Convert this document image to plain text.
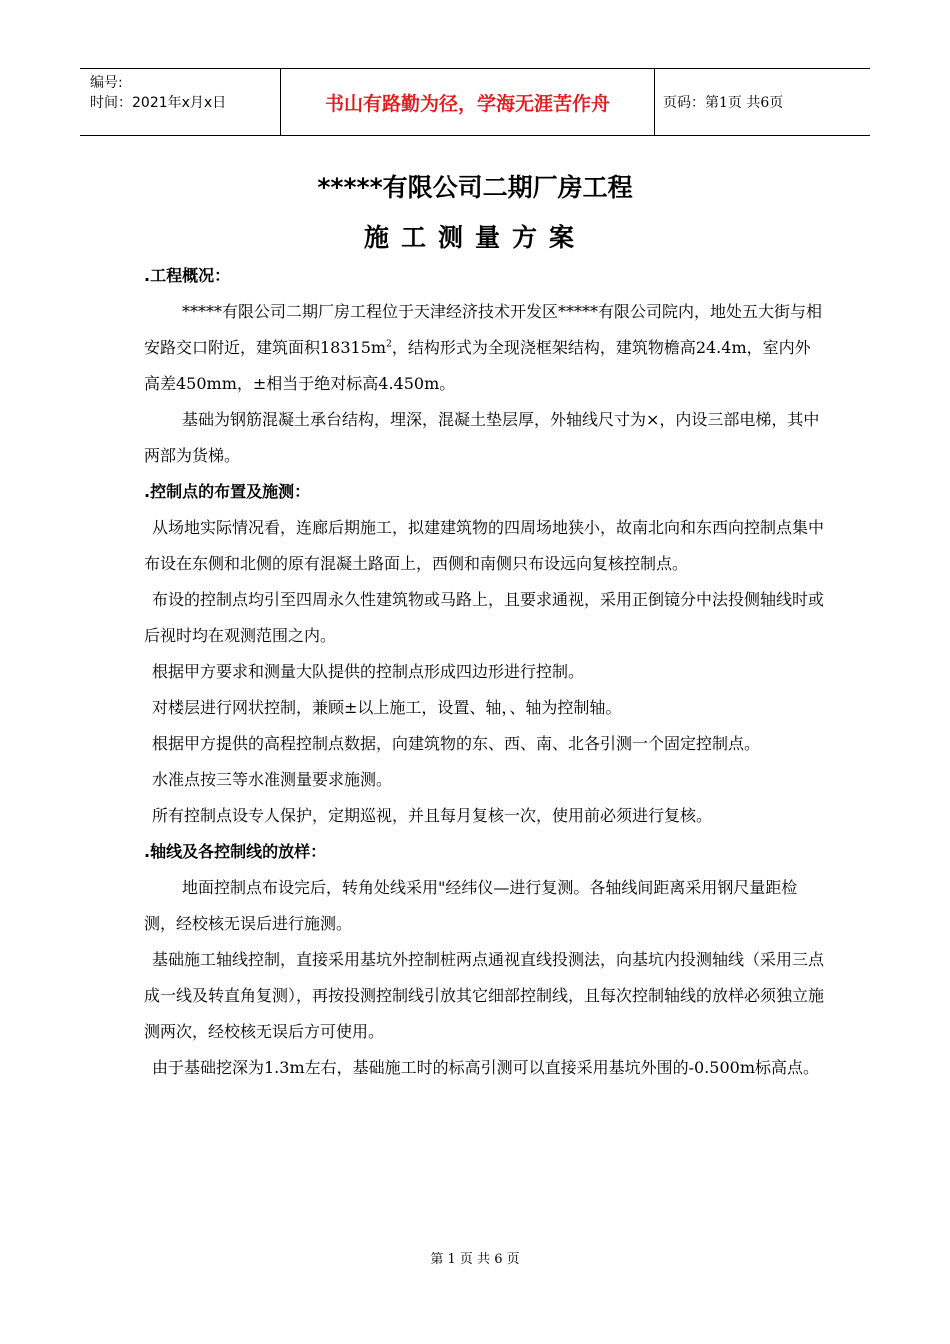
编号:
时间：2021年x月x日	书山有路勤为径，学海无涯苦作舟	页码：第1页 共6页
*****有限公司二期厂房工程
施工测量方案

.工程概况：

*****有限公司二期厂房工程位于天津经济技术开发区*****有限公司院内，地处五大街与相安路交口附近，建筑面积$18315m^2$，结构形式为全现浇框架结构，建筑物檐高24.4m，室内外高差450mm，±相当于绝对标高4.450m。

基础为钢筋混凝土承台结构，埋深，混凝土垫层厚，外轴线尺寸为×，内设三部电梯，其中两部为货梯。

.控制点的布置及施测：

从场地实际情况看，连廊后期施工，拟建建筑物的四周场地狭小，故南北向和东西向控制点集中布设在东侧和北侧的原有混凝土路面上，西侧和南侧只布设远向复核控制点。

布设的控制点均引至四周永久性建筑物或马路上，且要求通视，采用正倒镜分中法投侧轴线时或后视时均在观测范围之内。

根据甲方要求和测量大队提供的控制点形成四边形进行控制。

对楼层进行网状控制，兼顾±以上施工，设置、轴，、轴为控制轴。

根据甲方提供的高程控制点数据，向建筑物的东、西、南、北各引测一个固定控制点。

水准点按三等水准测量要求施测。

所有控制点设专人保护，定期巡视，并且每月复核一次，使用前必须进行复核。

.轴线及各控制线的放样：

地面控制点布设完后，转角处线采用"经纬仪—进行复测。各轴线间距离采用钢尺量距检测，经校核无误后进行施测。

基础施工轴线控制，直接采用基坑外控制桩两点通视直线投测法，向基坑内投测轴线（采用三点成一线及转直角复测），再按投测控制线引放其它细部控制线，且每次控制轴线的放样必须独立施测两次，经校核无误后方可使用。

由于基础挖深为1.3m左右，基础施工时的标高引测可以直接采用基坑外围的-0.500m标高点。

第 1 页 共 6 页
